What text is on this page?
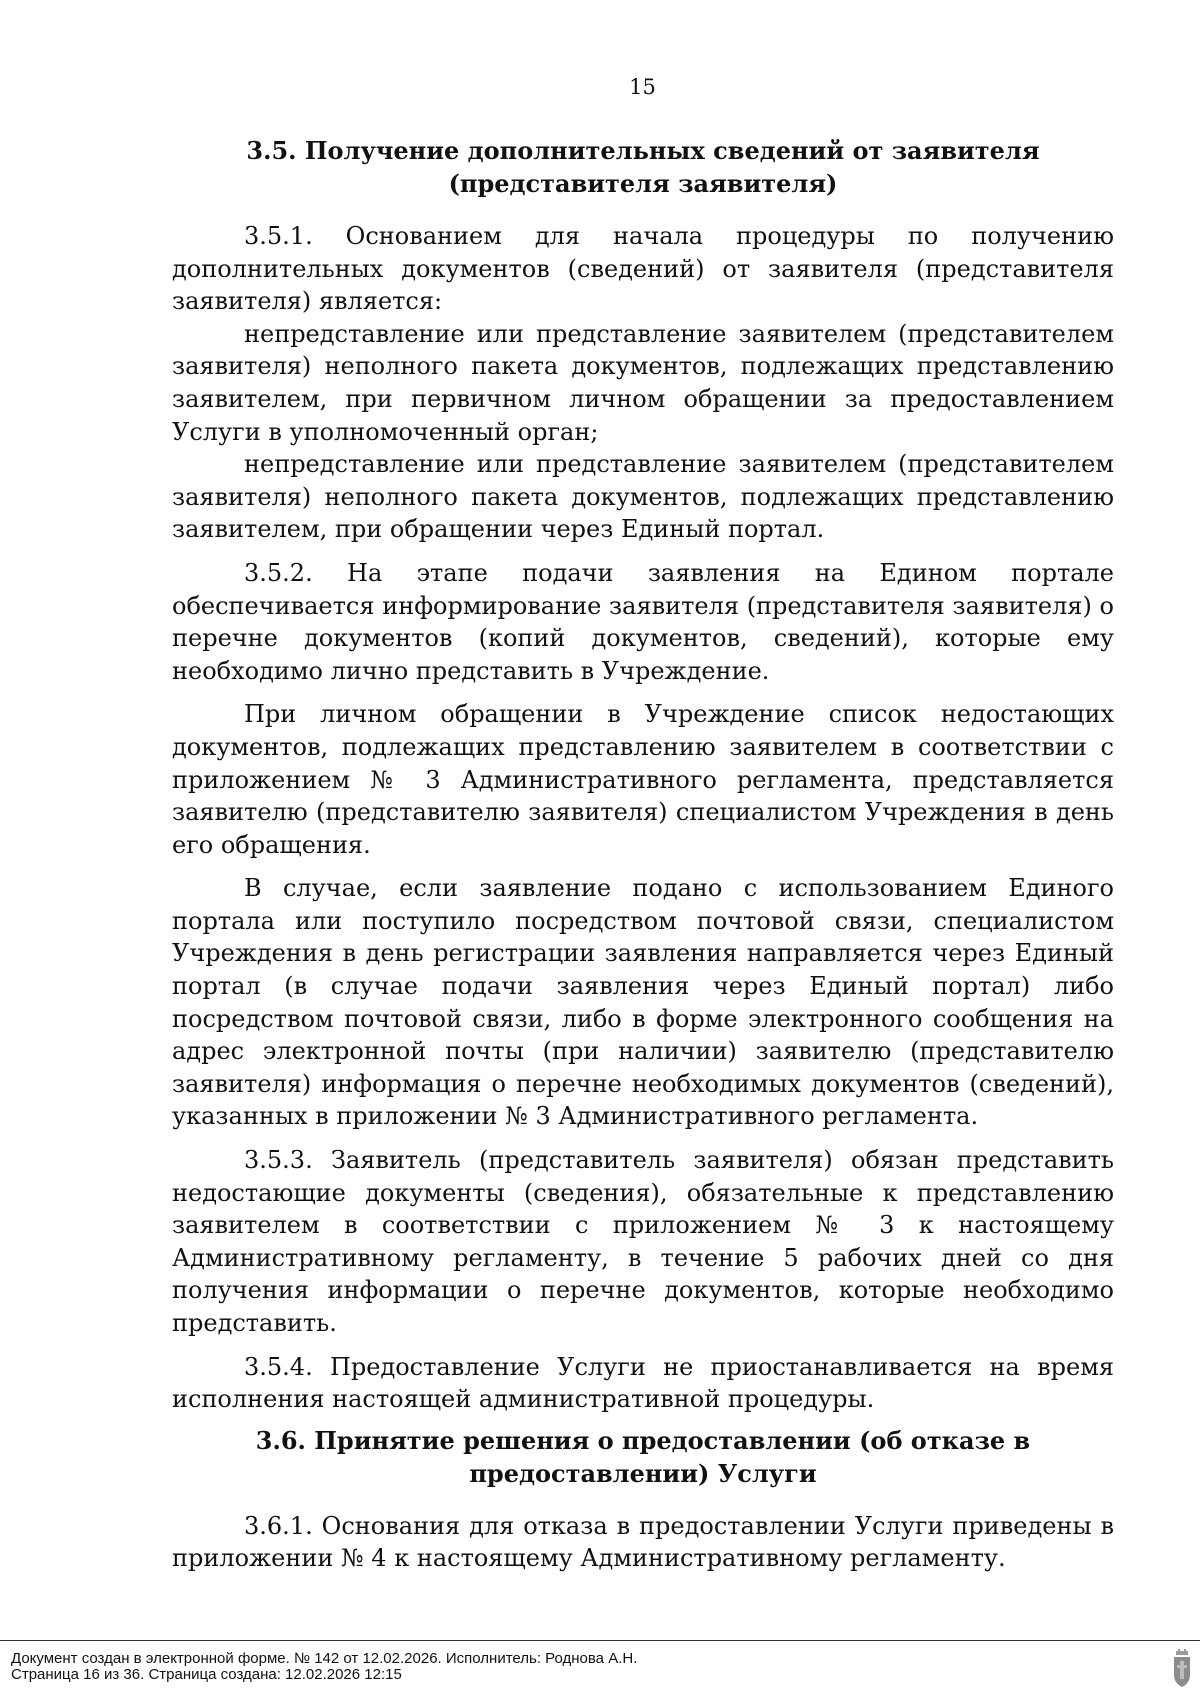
15
3.5. Получение дополнительных сведений от заявителя (представителя заявителя)

3.5.1. Основанием для начала процедуры по получению дополнительных документов (сведений) от заявителя (представителя заявителя) является:

непредставление или представление заявителем (представителем заявителя) неполного пакета документов, подлежащих представлению заявителем, при первичном личном обращении за предоставлением Услуги в уполномоченный орган;

непредставление или представление заявителем (представителем заявителя) неполного пакета документов, подлежащих представлению заявителем, при обращении через Единый портал.

3.5.2. На этапе подачи заявления на Едином портале обеспечивается информирование заявителя (представителя заявителя) о перечне документов (копий документов, сведений), которые ему необходимо лично представить в Учреждение.

При личном обращении в Учреждение список недостающих документов, подлежащих представлению заявителем в соответствии с приложением № 3 Административного регламента, представляется заявителю (представителю заявителя) специалистом Учреждения в день его обращения.

В случае, если заявление подано с использованием Единого портала или поступило посредством почтовой связи, специалистом Учреждения в день регистрации заявления направляется через Единый портал (в случае подачи заявления через Единый портал) либо посредством почтовой связи, либо в форме электронного сообщения на адрес электронной почты (при наличии) заявителю (представителю заявителя) информация о перечне необходимых документов (сведений), указанных в приложении № 3 Административного регламента.

3.5.3. Заявитель (представитель заявителя) обязан представить недостающие документы (сведения), обязательные к представлению заявителем в соответствии с приложением № 3 к настоящему Административному регламенту, в течение 5 рабочих дней со дня получения информации о перечне документов, которые необходимо представить.

3.5.4. Предоставление Услуги не приостанавливается на время исполнения настоящей административной процедуры.

3.6. Принятие решения о предоставлении (об отказе в предоставлении) Услуги

3.6.1. Основания для отказа в предоставлении Услуги приведены в приложении № 4 к настоящему Административному регламенту.

Документ создан в электронной форме. № 142 от 12.02.2026. Исполнитель: Роднова А.Н.
Страница 16 из 36. Страница создана: 12.02.2026 12:15
